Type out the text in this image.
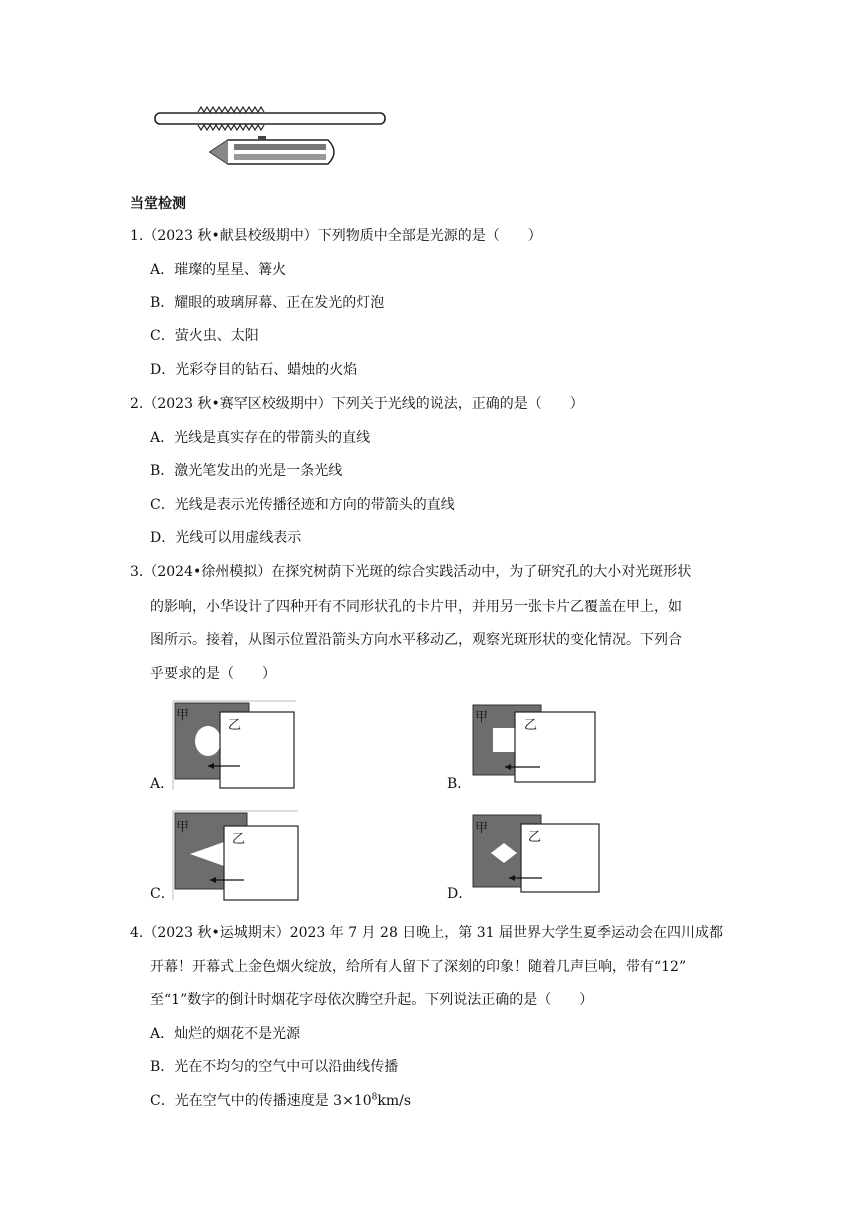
当堂检测
1.（2023 秋•献县校级期中）下列物质中全部是光源的是（　　）
A．璀璨的星星、篝火
B．耀眼的玻璃屏幕、正在发光的灯泡
C．萤火虫、太阳
D．光彩夺目的钻石、蜡烛的火焰
2.（2023 秋•赛罕区校级期中）下列关于光线的说法，正确的是（　　）
A．光线是真实存在的带箭头的直线
B．激光笔发出的光是一条光线
C．光线是表示光传播径迹和方向的带箭头的直线
D．光线可以用虚线表示
3.（2024•徐州模拟）在探究树荫下光斑的综合实践活动中，为了研究孔的大小对光斑形状
的影响，小华设计了四种开有不同形状孔的卡片甲，并用另一张卡片乙覆盖在甲上，如
图所示。接着，从图示位置沿箭头方向水平移动乙，观察光斑形状的变化情况。下列合
乎要求的是（　　）
A．
甲
乙
B．
甲
乙
C．
甲
乙
D．
甲
乙
4.（2023 秋•运城期末）2023 年 7 月 28 日晚上，第 31 届世界大学生夏季运动会在四川成都
开幕！开幕式上金色烟火绽放，给所有人留下了深刻的印象！随着几声巨响，带有“12”
至“1”数字的倒计时烟花字母依次腾空升起。下列说法正确的是（　　）
A．灿烂的烟花不是光源
B．光在不均匀的空气中可以沿曲线传播
C．光在空气中的传播速度是 $3\times 10^8km/s$
